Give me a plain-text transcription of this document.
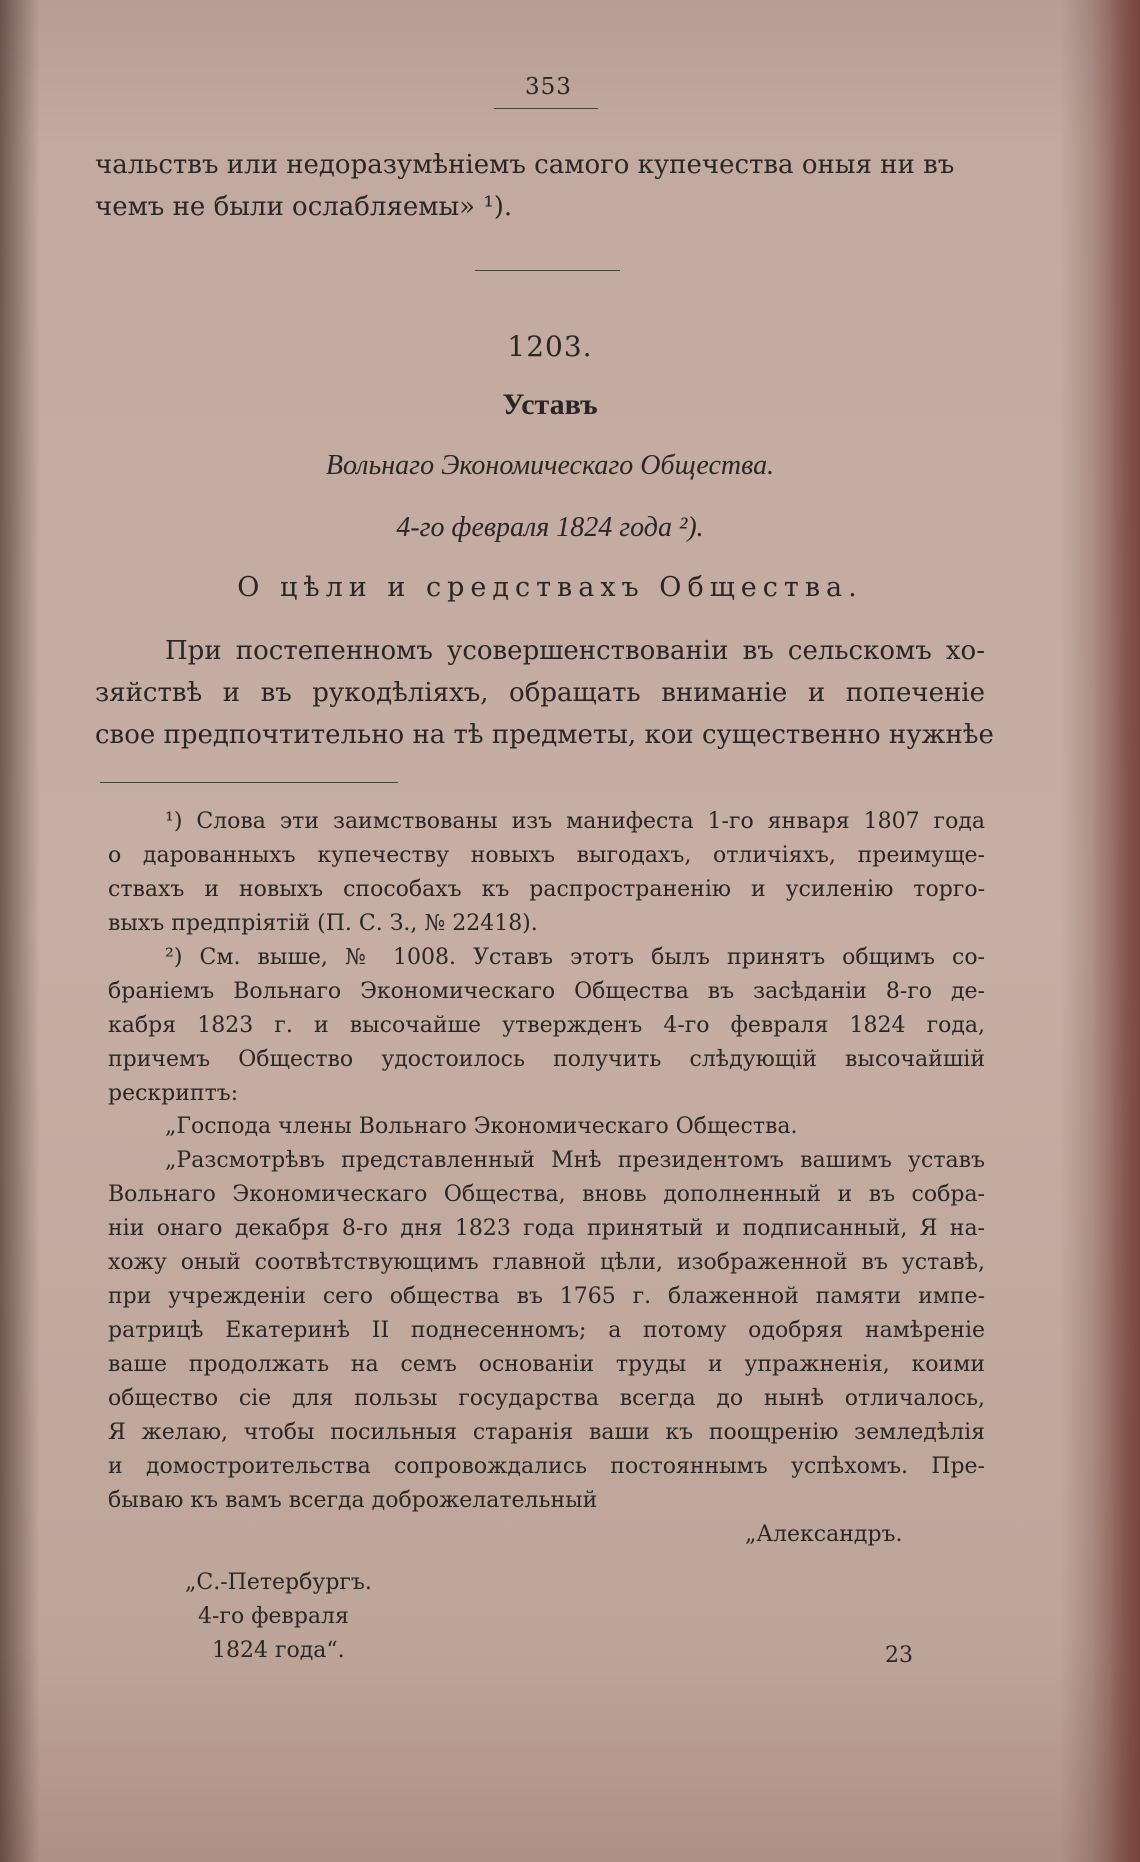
353
чальствъ или недоразумѣніемъ самого купечества оныя ни въ
чемъ не были ослабляемы» ¹).
1203.
Уставъ
Вольнаго Экономическаго Общества.
4-го февраля 1824 года ²).
О цѣли и средствахъ Общества.
При постепенномъ усовершенствованіи въ сельскомъ хо-
зяйствѣ и въ рукодѣліяхъ, обращать вниманіе и попеченіе
свое предпочтительно на тѣ предметы, кои существенно нужнѣе
¹) Слова эти заимствованы изъ манифеста 1-го января 1807 года
о дарованныхъ купечеству новыхъ выгодахъ, отличіяхъ, преимуще-
ствахъ и новыхъ способахъ къ распространенію и усиленію торго-
выхъ предпріятій (П. С. З., № 22418).
²) См. выше, № 1008. Уставъ этотъ былъ принятъ общимъ со-
браніемъ Вольнаго Экономическаго Общества въ засѣданіи 8-го де-
кабря 1823 г. и высочайше утвержденъ 4-го февраля 1824 года,
причемъ Общество удостоилось получить слѣдующій высочайшій
рескриптъ:
„Господа члены Вольнаго Экономическаго Общества.
„Разсмотрѣвъ представленный Мнѣ президентомъ вашимъ уставъ
Вольнаго Экономическаго Общества, вновь дополненный и въ собра-
ніи онаго декабря 8-го дня 1823 года принятый и подписанный, Я на-
хожу оный соотвѣтствующимъ главной цѣли, изображенной въ уставѣ,
при учрежденіи сего общества въ 1765 г. блаженной памяти импе-
ратрицѣ Екатеринѣ II поднесенномъ; а потому одобряя намѣреніе
ваше продолжать на семъ основаніи труды и упражненія, коими
общество сіе для пользы государства всегда до нынѣ отличалось,
Я желаю, чтобы посильныя старанія ваши къ поощренію земледѣлія
и домостроительства сопровождались постояннымъ успѣхомъ. Пре-
бываю къ вамъ всегда доброжелательный
„Александръ.
„С.-Петербургъ.
4-го февраля
1824 года“.	23
